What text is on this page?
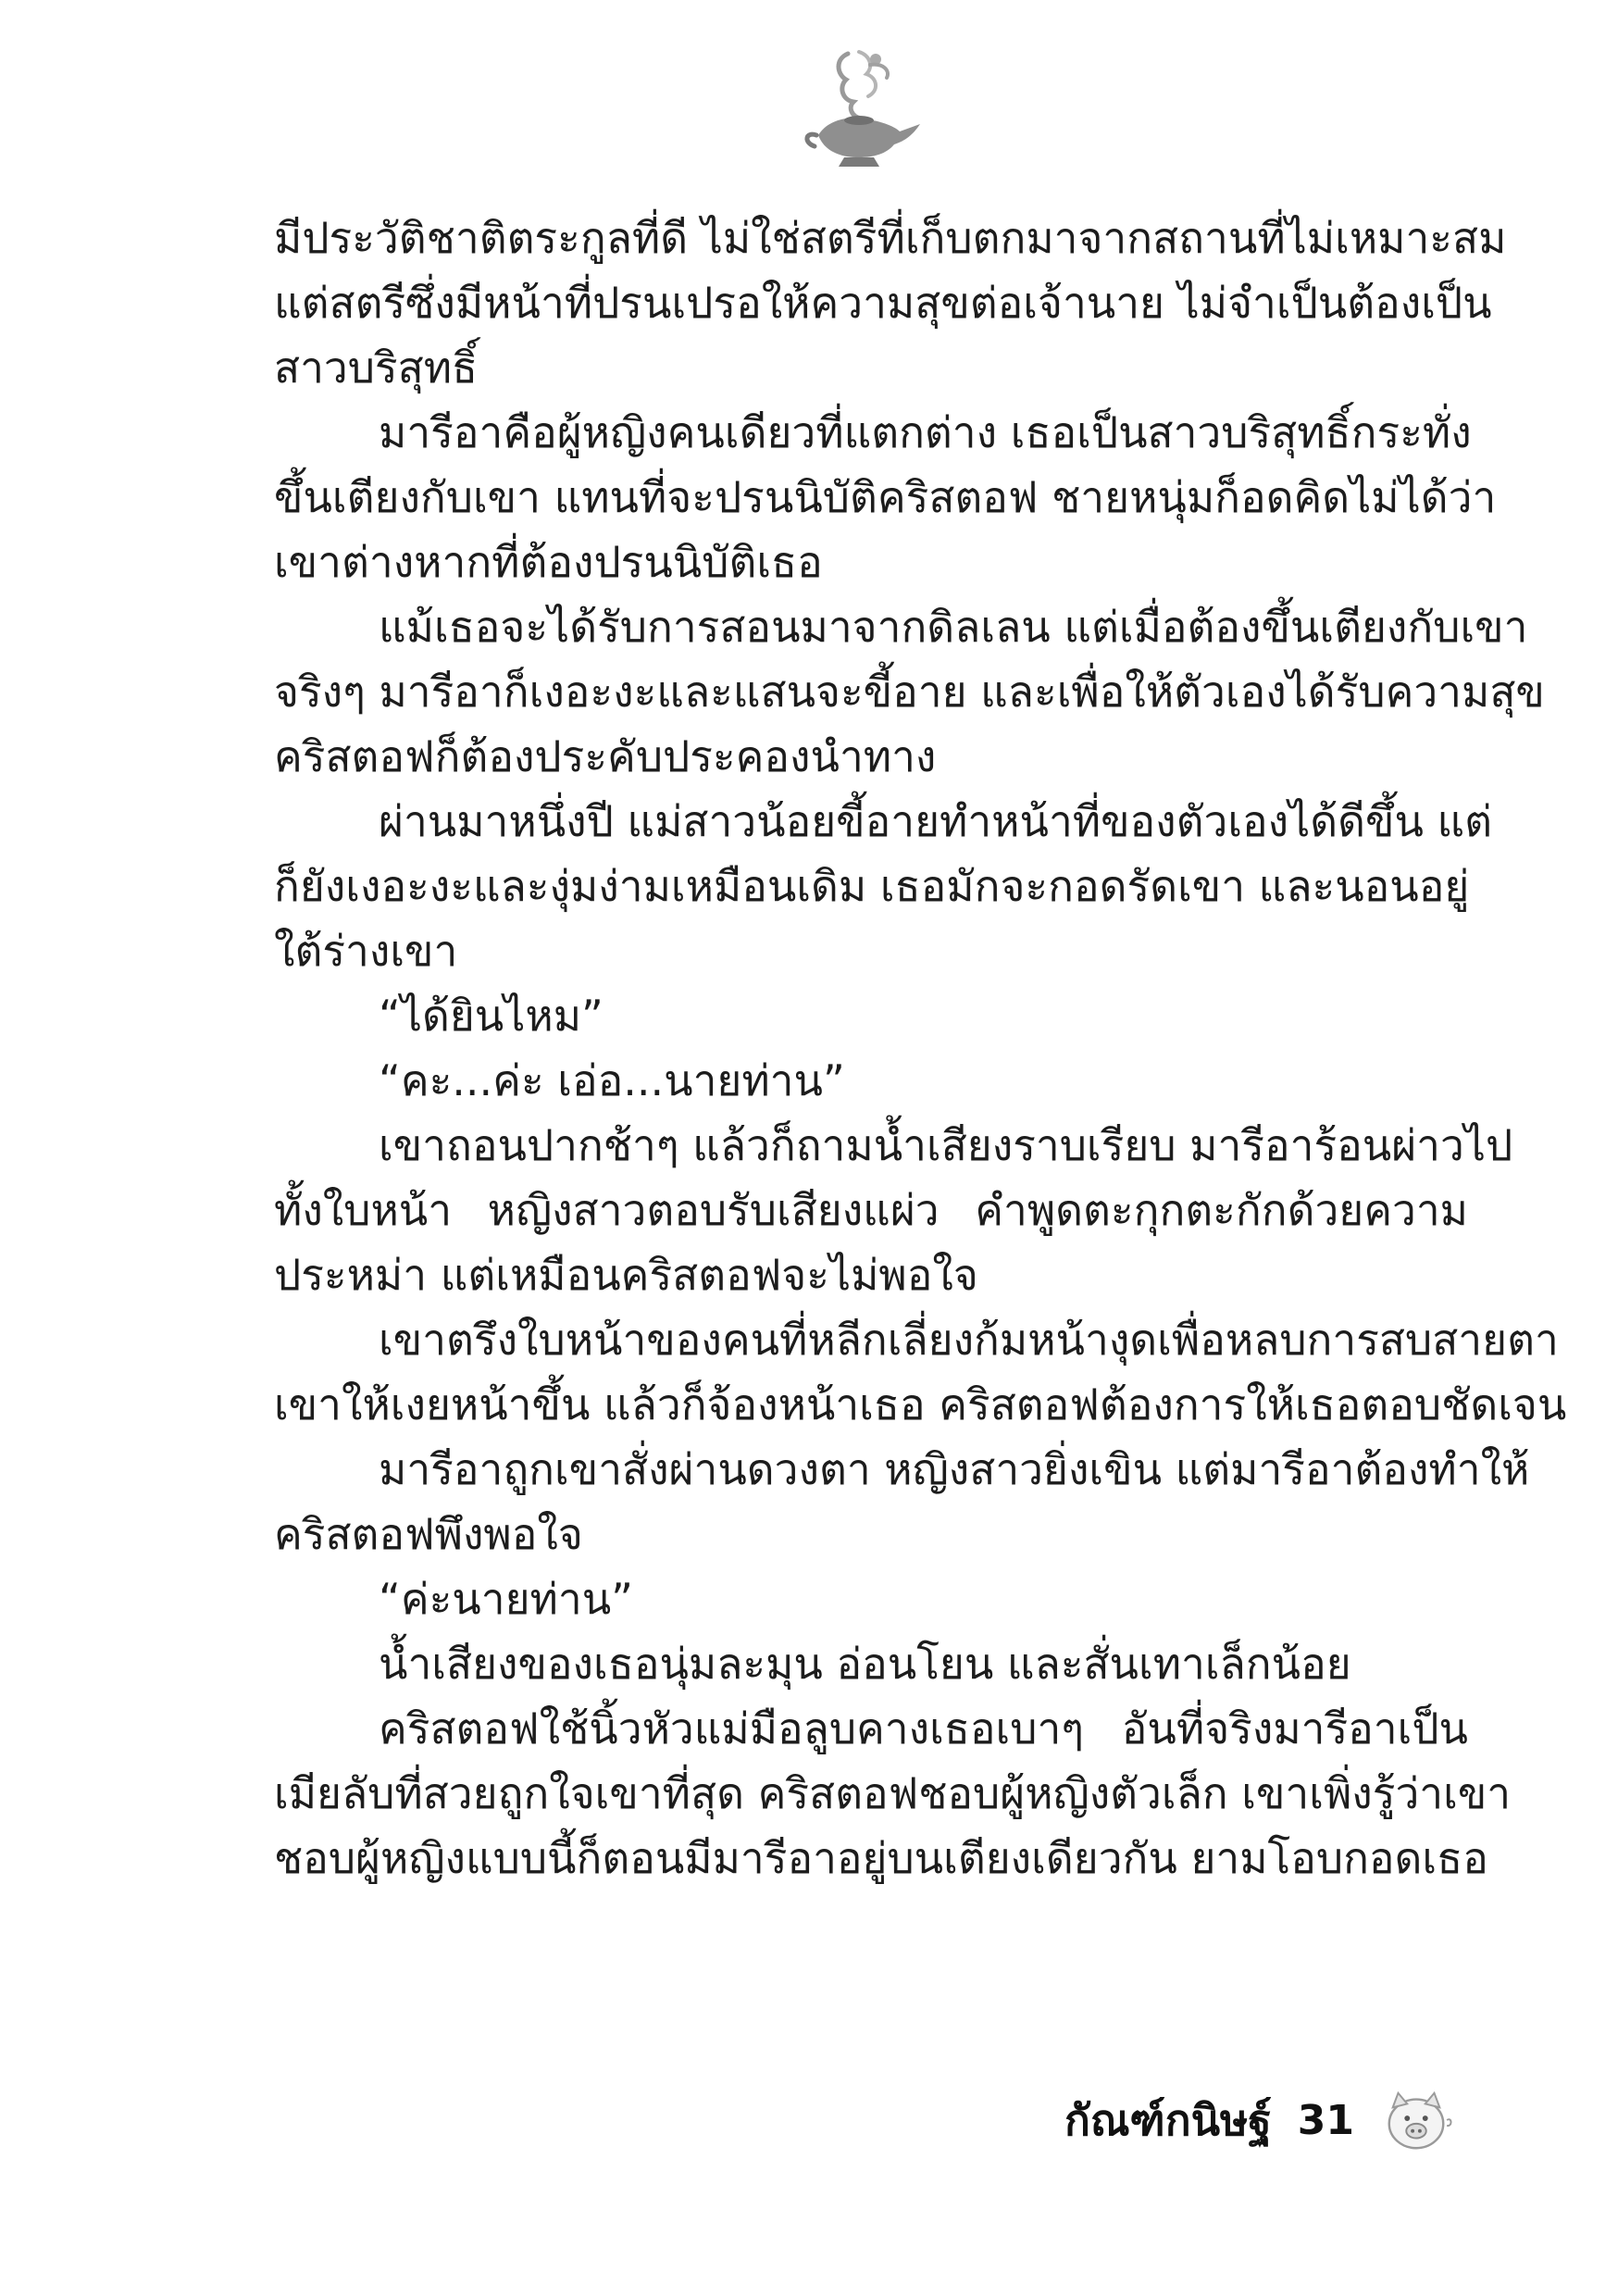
มีประวัติชาติตระกูลที่ดี ไม่ใช่สตรีที่เก็บตกมาจากสถานที่ไม่เหมาะสม
แต่สตรีซึ่งมีหน้าที่ปรนเปรอให้ความสุขต่อเจ้านาย ไม่จำเป็นต้องเป็น
สาวบริสุทธิ์
มารีอาคือผู้หญิงคนเดียวที่แตกต่าง เธอเป็นสาวบริสุทธิ์กระทั่ง
ขึ้นเตียงกับเขา แทนที่จะปรนนิบัติคริสตอฟ ชายหนุ่มก็อดคิดไม่ได้ว่า
เขาต่างหากที่ต้องปรนนิบัติเธอ
แม้เธอจะได้รับการสอนมาจากดิลเลน แต่เมื่อต้องขึ้นเตียงกับเขา
จริงๆ มารีอาก็เงอะงะและแสนจะขี้อาย และเพื่อให้ตัวเองได้รับความสุข
คริสตอฟก็ต้องประคับประคองนำทาง
ผ่านมาหนึ่งปี แม่สาวน้อยขี้อายทำหน้าที่ของตัวเองได้ดีขึ้น แต่
ก็ยังเงอะงะและงุ่มง่ามเหมือนเดิม เธอมักจะกอดรัดเขา และนอนอยู่
ใต้ร่างเขา
“ได้ยินไหม”
“คะ...ค่ะ เอ่อ...นายท่าน”
เขาถอนปากช้าๆ แล้วก็ถามน้ำเสียงราบเรียบ มารีอาร้อนผ่าวไป
ทั้งใบหน้า หญิงสาวตอบรับเสียงแผ่ว คำพูดตะกุกตะกักด้วยความ
ประหม่า แต่เหมือนคริสตอฟจะไม่พอใจ
เขาตรึงใบหน้าของคนที่หลีกเลี่ยงก้มหน้างุดเพื่อหลบการสบสายตา
เขาให้เงยหน้าขึ้น แล้วก็จ้องหน้าเธอ คริสตอฟต้องการให้เธอตอบชัดเจน
มารีอาถูกเขาสั่งผ่านดวงตา หญิงสาวยิ่งเขิน แต่มารีอาต้องทำให้
คริสตอฟพึงพอใจ
“ค่ะนายท่าน”
น้ำเสียงของเธอนุ่มละมุน อ่อนโยน และสั่นเทาเล็กน้อย
คริสตอฟใช้นิ้วหัวแม่มือลูบคางเธอเบาๆ อันที่จริงมารีอาเป็น
เมียลับที่สวยถูกใจเขาที่สุด คริสตอฟชอบผู้หญิงตัวเล็ก เขาเพิ่งรู้ว่าเขา
ชอบผู้หญิงแบบนี้ก็ตอนมีมารีอาอยู่บนเตียงเดียวกัน ยามโอบกอดเธอ
กัณฑ์กนิษฐ์ 31
